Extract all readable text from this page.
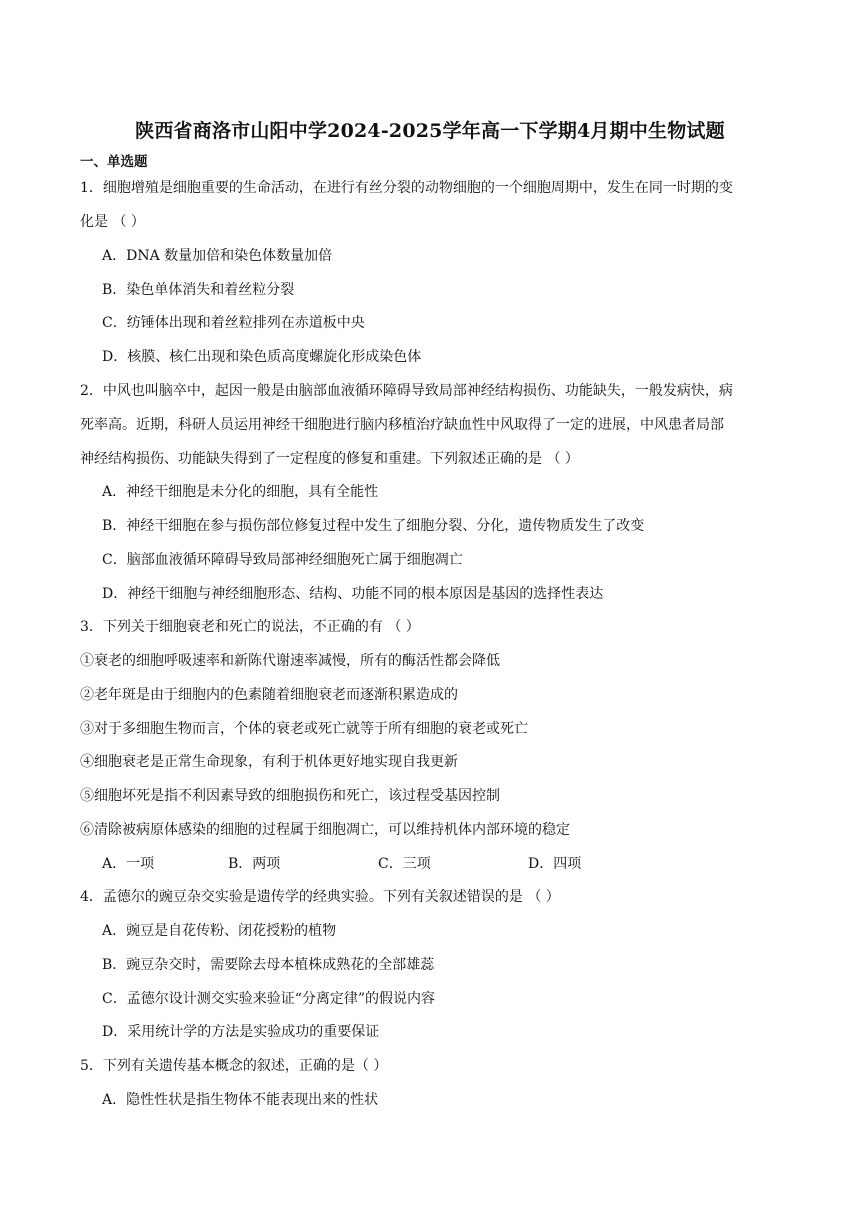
陕西省商洛市山阳中学2024-2025学年高一下学期4月期中生物试题
一、单选题
1．细胞增殖是细胞重要的生命活动，在进行有丝分裂的动物细胞的一个细胞周期中，发生在同一时期的变
化是 （ ）
A．DNA 数量加倍和染色体数量加倍
B．染色单体消失和着丝粒分裂
C．纺锤体出现和着丝粒排列在赤道板中央
D．核膜、核仁出现和染色质高度螺旋化形成染色体
2．中风也叫脑卒中，起因一般是由脑部血液循环障碍导致局部神经结构损伤、功能缺失，一般发病快，病
死率高。近期，科研人员运用神经干细胞进行脑内移植治疗缺血性中风取得了一定的进展，中风患者局部
神经结构损伤、功能缺失得到了一定程度的修复和重建。下列叙述正确的是 （ ）
A．神经干细胞是未分化的细胞，具有全能性
B．神经干细胞在参与损伤部位修复过程中发生了细胞分裂、分化，遗传物质发生了改变
C．脑部血液循环障碍导致局部神经细胞死亡属于细胞凋亡
D．神经干细胞与神经细胞形态、结构、功能不同的根本原因是基因的选择性表达
3．下列关于细胞衰老和死亡的说法，不正确的有 （ ）
①衰老的细胞呼吸速率和新陈代谢速率减慢，所有的酶活性都会降低
②老年斑是由于细胞内的色素随着细胞衰老而逐渐积累造成的
③对于多细胞生物而言，个体的衰老或死亡就等于所有细胞的衰老或死亡
④细胞衰老是正常生命现象，有利于机体更好地实现自我更新
⑤细胞坏死是指不利因素导致的细胞损伤和死亡，该过程受基因控制
⑥清除被病原体感染的细胞的过程属于细胞凋亡，可以维持机体内部环境的稳定
A．一项	B．两项	C．三项	D．四项
4．孟德尔的豌豆杂交实验是遗传学的经典实验。下列有关叙述错误的是 （ ）
A．豌豆是自花传粉、闭花授粉的植物
B．豌豆杂交时，需要除去母本植株成熟花的全部雄蕊
C．孟德尔设计测交实验来验证“分离定律”的假说内容
D．采用统计学的方法是实验成功的重要保证
5．下列有关遗传基本概念的叙述，正确的是（ ）
A．隐性性状是指生物体不能表现出来的性状
